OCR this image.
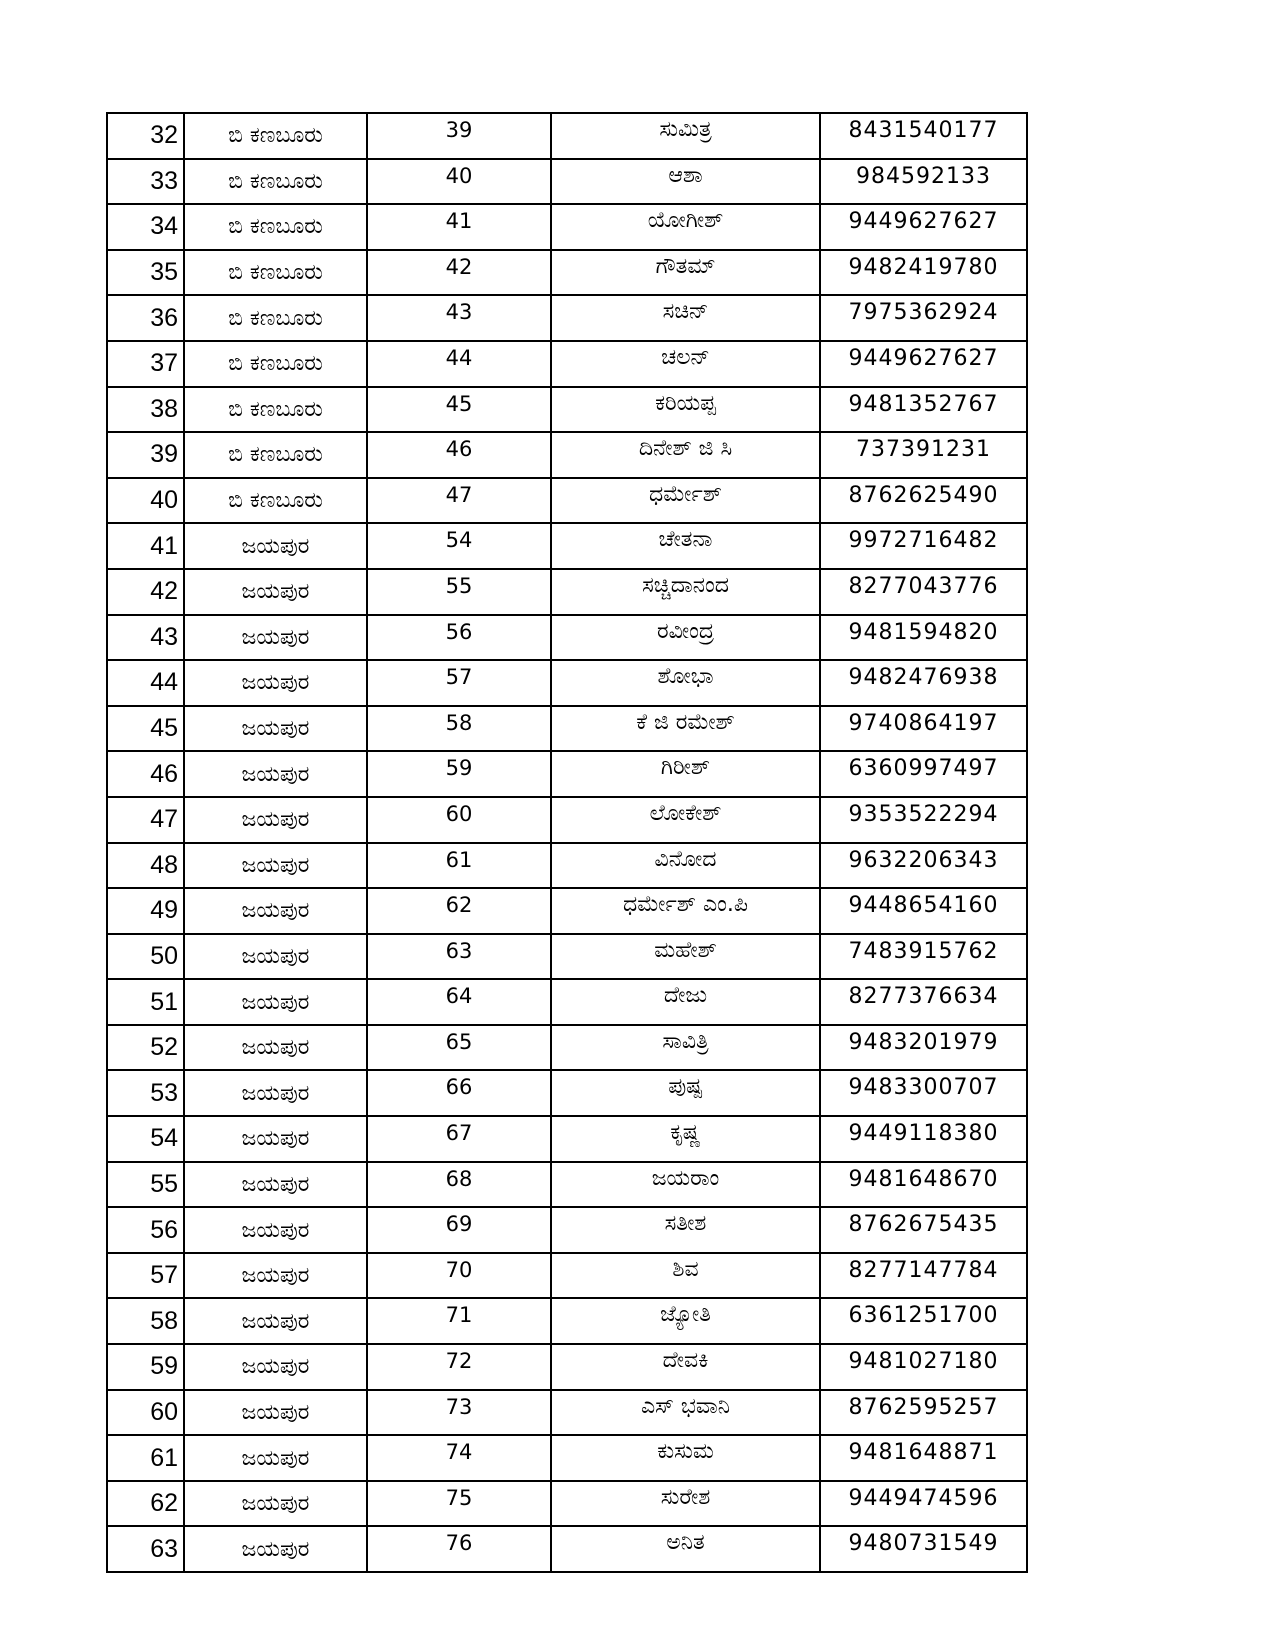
32	ಬಿ ಕಣಬೂರು	39	ಸುಮಿತ್ರ	8431540177
33	ಬಿ ಕಣಬೂರು	40	ಆಶಾ	984592133
34	ಬಿ ಕಣಬೂರು	41	ಯೋಗೀಶ್	9449627627
35	ಬಿ ಕಣಬೂರು	42	ಗೌತಮ್	9482419780
36	ಬಿ ಕಣಬೂರು	43	ಸಚಿನ್	7975362924
37	ಬಿ ಕಣಬೂರು	44	ಚಲನ್	9449627627
38	ಬಿ ಕಣಬೂರು	45	ಕರಿಯಪ್ಪ	9481352767
39	ಬಿ ಕಣಬೂರು	46	ದಿನೇಶ್ ಜಿ ಸಿ	737391231
40	ಬಿ ಕಣಬೂರು	47	ಧರ್ಮೇಶ್	8762625490
41	ಜಯಪುರ	54	ಚೇತನಾ	9972716482
42	ಜಯಪುರ	55	ಸಚ್ಚಿದಾನಂದ	8277043776
43	ಜಯಪುರ	56	ರವೀಂದ್ರ	9481594820
44	ಜಯಪುರ	57	ಶೋಭಾ	9482476938
45	ಜಯಪುರ	58	ಕೆ ಜಿ ರಮೇಶ್	9740864197
46	ಜಯಪುರ	59	ಗಿರೀಶ್	6360997497
47	ಜಯಪುರ	60	ಲೋಕೇಶ್	9353522294
48	ಜಯಪುರ	61	ವಿನೋದ	9632206343
49	ಜಯಪುರ	62	ಧರ್ಮೇಶ್ ಎಂ.ಪಿ	9448654160
50	ಜಯಪುರ	63	ಮಹೇಶ್	7483915762
51	ಜಯಪುರ	64	ದೇಜು	8277376634
52	ಜಯಪುರ	65	ಸಾವಿತ್ರಿ	9483201979
53	ಜಯಪುರ	66	ಪುಷ್ಪ	9483300707
54	ಜಯಪುರ	67	ಕೃಷ್ಣ	9449118380
55	ಜಯಪುರ	68	ಜಯರಾಂ	9481648670
56	ಜಯಪುರ	69	ಸತೀಶ	8762675435
57	ಜಯಪುರ	70	ಶಿವ	8277147784
58	ಜಯಪುರ	71	ಜ್ಯೋತಿ	6361251700
59	ಜಯಪುರ	72	ದೇವಕಿ	9481027180
60	ಜಯಪುರ	73	ಎಸ್ ಭವಾನಿ	8762595257
61	ಜಯಪುರ	74	ಕುಸುಮ	9481648871
62	ಜಯಪುರ	75	ಸುರೇಶ	9449474596
63	ಜಯಪುರ	76	ಅನಿತ	9480731549
